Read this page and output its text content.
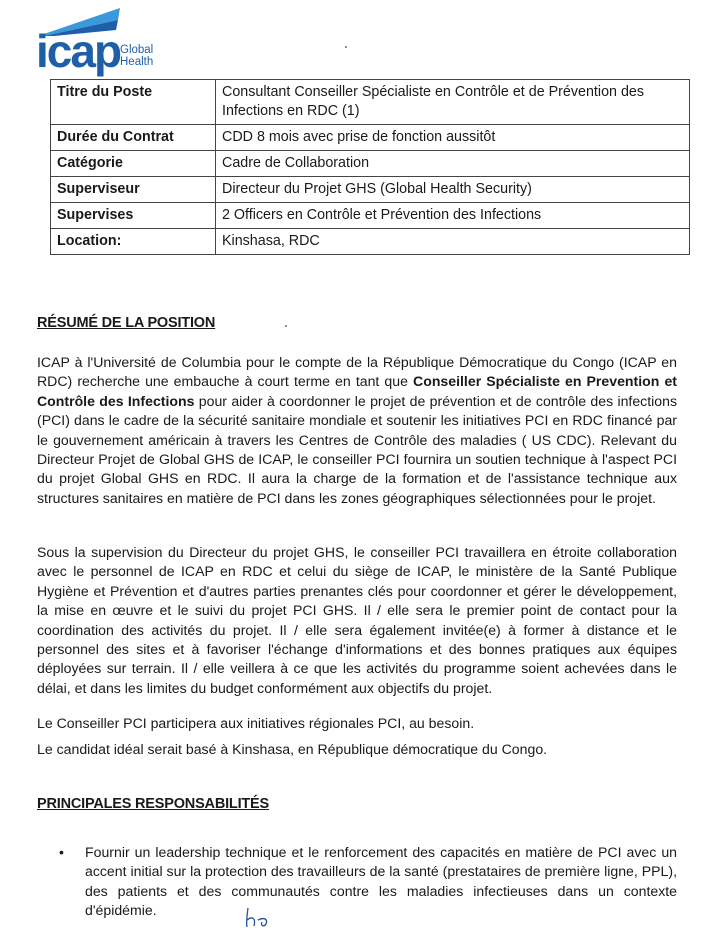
icap Global
Health
Titre du Poste	Consultant Conseiller Spécialiste en Contrôle et de Prévention des Infections en RDC (1)
Durée du Contrat	CDD 8 mois avec prise de fonction aussitôt
Catégorie	Cadre de Collaboration
Superviseur	Directeur du Projet GHS (Global Health Security)
Supervises	2 Officers en Contrôle et Prévention des Infections
Location:	Kinshasa, RDC
RÉSUMÉ DE LA POSITION

ICAP à l'Université de Columbia pour le compte de la République Démocratique du Congo (ICAP en RDC) recherche une embauche à court terme en tant que Conseiller Spécialiste en Prevention et Contrôle des Infections pour aider à coordonner le projet de prévention et de contrôle des infections (PCI) dans le cadre de la sécurité sanitaire mondiale et soutenir les initiatives PCI en RDC financé par le gouvernement américain à travers les Centres de Contrôle des maladies ( US CDC). Relevant du Directeur Projet de Global GHS de ICAP, le conseiller PCI fournira un soutien technique à l'aspect PCI du projet Global GHS en RDC. Il aura la charge de la formation et de l'assistance technique aux structures sanitaires en matière de PCI dans les zones géographiques sélectionnées pour le projet.

Sous la supervision du Directeur du projet GHS, le conseiller PCI travaillera en étroite collaboration avec le personnel de ICAP en RDC et celui du siège de ICAP, le ministère de la Santé Publique Hygiène et Prévention et d'autres parties prenantes clés pour coordonner et gérer le développement, la mise en œuvre et le suivi du projet PCI GHS. Il / elle sera le premier point de contact pour la coordination des activités du projet. Il / elle sera également invitée(e) à former à distance et le personnel des sites et à favoriser l'échange d'informations et des bonnes pratiques aux équipes déployées sur terrain. Il / elle veillera à ce que les activités du programme soient achevées dans le délai, et dans les limites du budget conformément aux objectifs du projet.

Le Conseiller PCI participera aux initiatives régionales PCI, au besoin.

Le candidat idéal serait basé à Kinshasa, en République démocratique du Congo.

PRINCIPALES RESPONSABILITÉS
• Fournir un leadership technique et le renforcement des capacités en matière de PCI avec un accent initial sur la protection des travailleurs de la santé (prestataires de première ligne, PPL), des patients et des communautés contre les maladies infectieuses dans un contexte d'épidémie.
